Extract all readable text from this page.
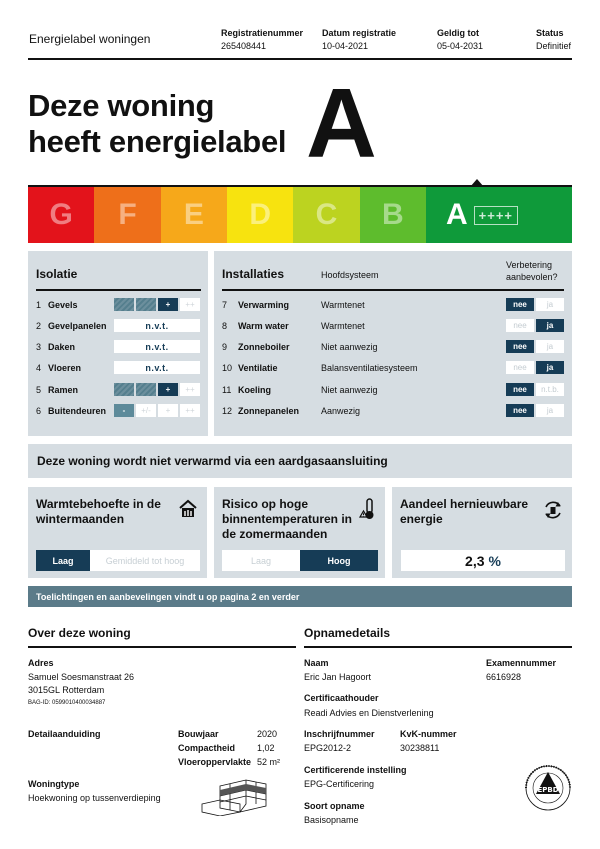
Energielabel woningen	Registratienummer
265408441
Datum registratie
10-04-2021
Geldig tot
05-04-2031
Status
Definitief
Deze woning
heeft energielabel A
G	F	E	D	C	B	A ++++
Isolatie
1 Gevels	+	++
2 Gevelpanelen	n.v.t.
3 Daken	n.v.t.
4 Vloeren	n.v.t.
5 Ramen	+	++
6 Buitendeuren	-	+/-	+	++
Installaties	Hoofdsysteem
Verbetering aanbevolen?
7	Verwarming	Warmtenet	nee	ja
8	Warm water	Warmtenet	nee	ja
9	Zonneboiler	Niet aanwezig	nee	ja
10 Ventilatie	Balansventilatiesysteem	nee	ja
11 Koeling	Niet aanwezig	nee	n.t.b.
12 Zonnepanelen Aanwezig	nee	ja
Deze woning wordt niet verwarmd via een aardgasaansluiting
Warmtebehoefte in de wintermaanden
Laag	Gemiddeld tot hoog
Risico op hoge binnentemperaturen in de zomermaanden
Laag	Hoog
Aandeel hernieuwbare energie
2,3 %
Toelichtingen en aanbevelingen vindt u op pagina 2 en verder
Over deze woning
Adres
Samuel Soesmanstraat 26
3015GL Rotterdam
BAG-ID: 0599010400034887
Detailaanduiding	Bouwjaar	2020
Compactheid 1,02
Vloeroppervlakte 52 m²
Woningtype
Hoekwoning op tussenverdieping
Opnamedetails
Naam
Eric Jan Hagoort
Examennummer
6616928
Certificaathouder
Readi Advies en Dienstverlening
Inschrijfnummer
EPG2012-2
KvK-nummer
30238811
Certificerende instelling
EPG-Certificering
Soort opname
Basisopname
EPBD
